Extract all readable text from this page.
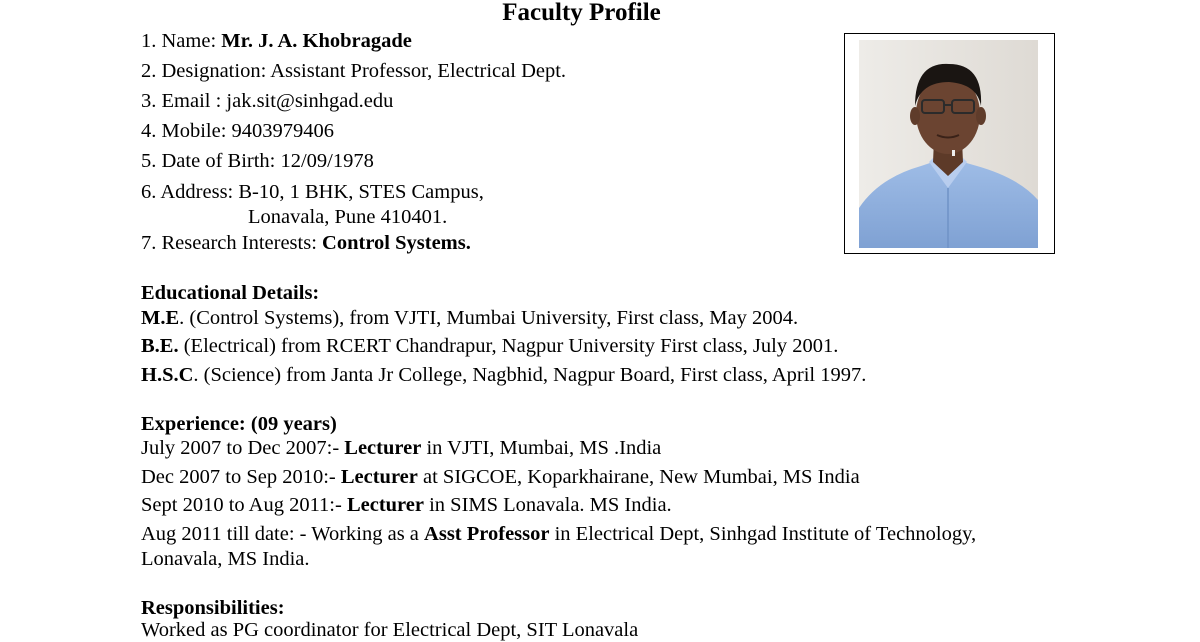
Faculty Profile
1. Name: Mr. J. A. Khobragade
2. Designation: Assistant Professor, Electrical Dept.
3. Email : jak.sit@sinhgad.edu
4. Mobile: 9403979406
5. Date of Birth: 12/09/1978
6. Address: B-10, 1 BHK, STES Campus,
Lonavala, Pune 410401.
7. Research Interests: Control Systems.
Educational Details:
M.E. (Control Systems), from VJTI, Mumbai University, First class, May 2004.
B.E. (Electrical) from RCERT Chandrapur, Nagpur University First class, July 2001.
H.S.C. (Science) from Janta Jr College, Nagbhid, Nagpur Board, First class, April 1997.
Experience: (09 years)
July 2007 to Dec 2007:- Lecturer in VJTI, Mumbai, MS .India
Dec 2007 to Sep 2010:- Lecturer at SIGCOE, Koparkhairane, New Mumbai, MS India
Sept 2010 to Aug 2011:- Lecturer in SIMS Lonavala. MS India.
Aug 2011 till date: - Working as a Asst Professor in Electrical Dept, Sinhgad Institute of Technology,
Lonavala, MS India.
Responsibilities:
Worked as PG coordinator for Electrical Dept, SIT Lonavala
